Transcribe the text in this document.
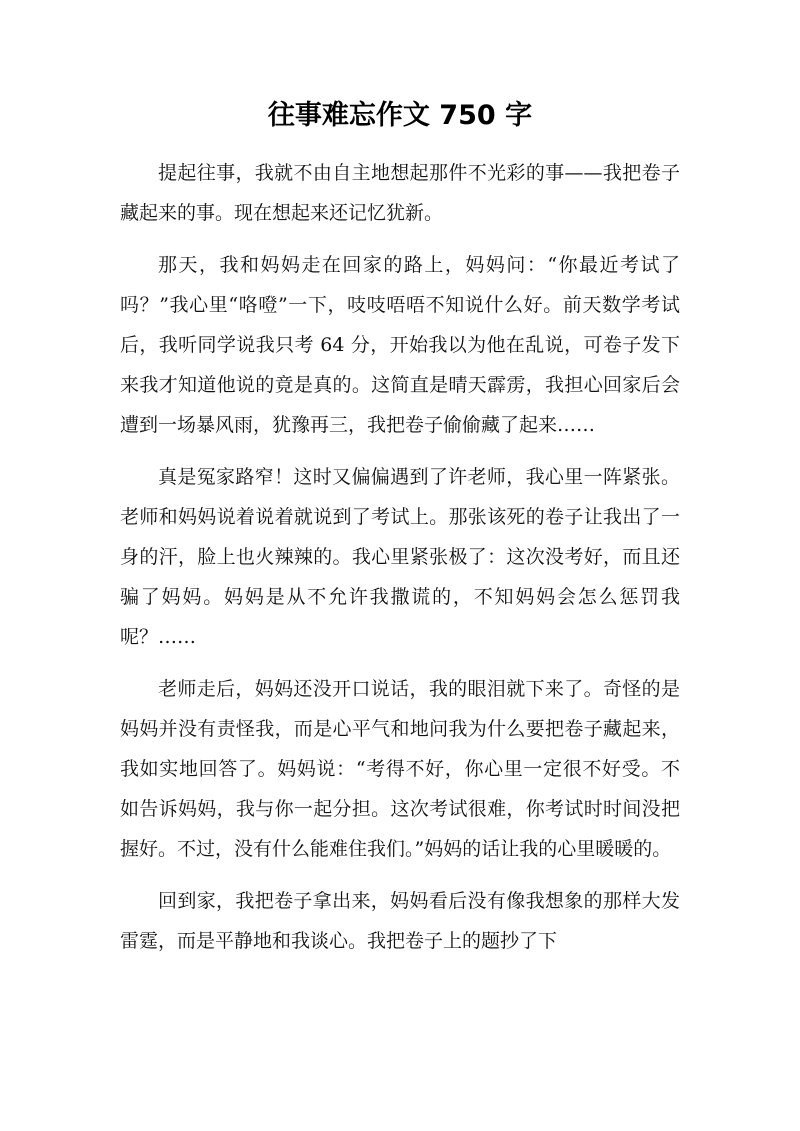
往事难忘作文 750 字

提起往事，我就不由自主地想起那件不光彩的事——我把卷子藏起来的事。现在想起来还记忆犹新。

那天，我和妈妈走在回家的路上，妈妈问：“你最近考试了吗？”我心里“咯噔”一下，吱吱唔唔不知说什么好。前天数学考试后，我听同学说我只考 64 分，开始我以为他在乱说，可卷子发下来我才知道他说的竟是真的。这简直是晴天霹雳，我担心回家后会遭到一场暴风雨，犹豫再三，我把卷子偷偷藏了起来……

真是冤家路窄！这时又偏偏遇到了许老师，我心里一阵紧张。老师和妈妈说着说着就说到了考试上。那张该死的卷子让我出了一身的汗，脸上也火辣辣的。我心里紧张极了：这次没考好，而且还骗了妈妈。妈妈是从不允许我撒谎的，不知妈妈会怎么惩罚我呢？……

老师走后，妈妈还没开口说话，我的眼泪就下来了。奇怪的是妈妈并没有责怪我，而是心平气和地问我为什么要把卷子藏起来，我如实地回答了。妈妈说：“考得不好，你心里一定很不好受。不如告诉妈妈，我与你一起分担。这次考试很难，你考试时时间没把握好。不过，没有什么能难住我们。”妈妈的话让我的心里暖暖的。

回到家，我把卷子拿出来，妈妈看后没有像我想象的那样大发雷霆，而是平静地和我谈心。我把卷子上的题抄了下
